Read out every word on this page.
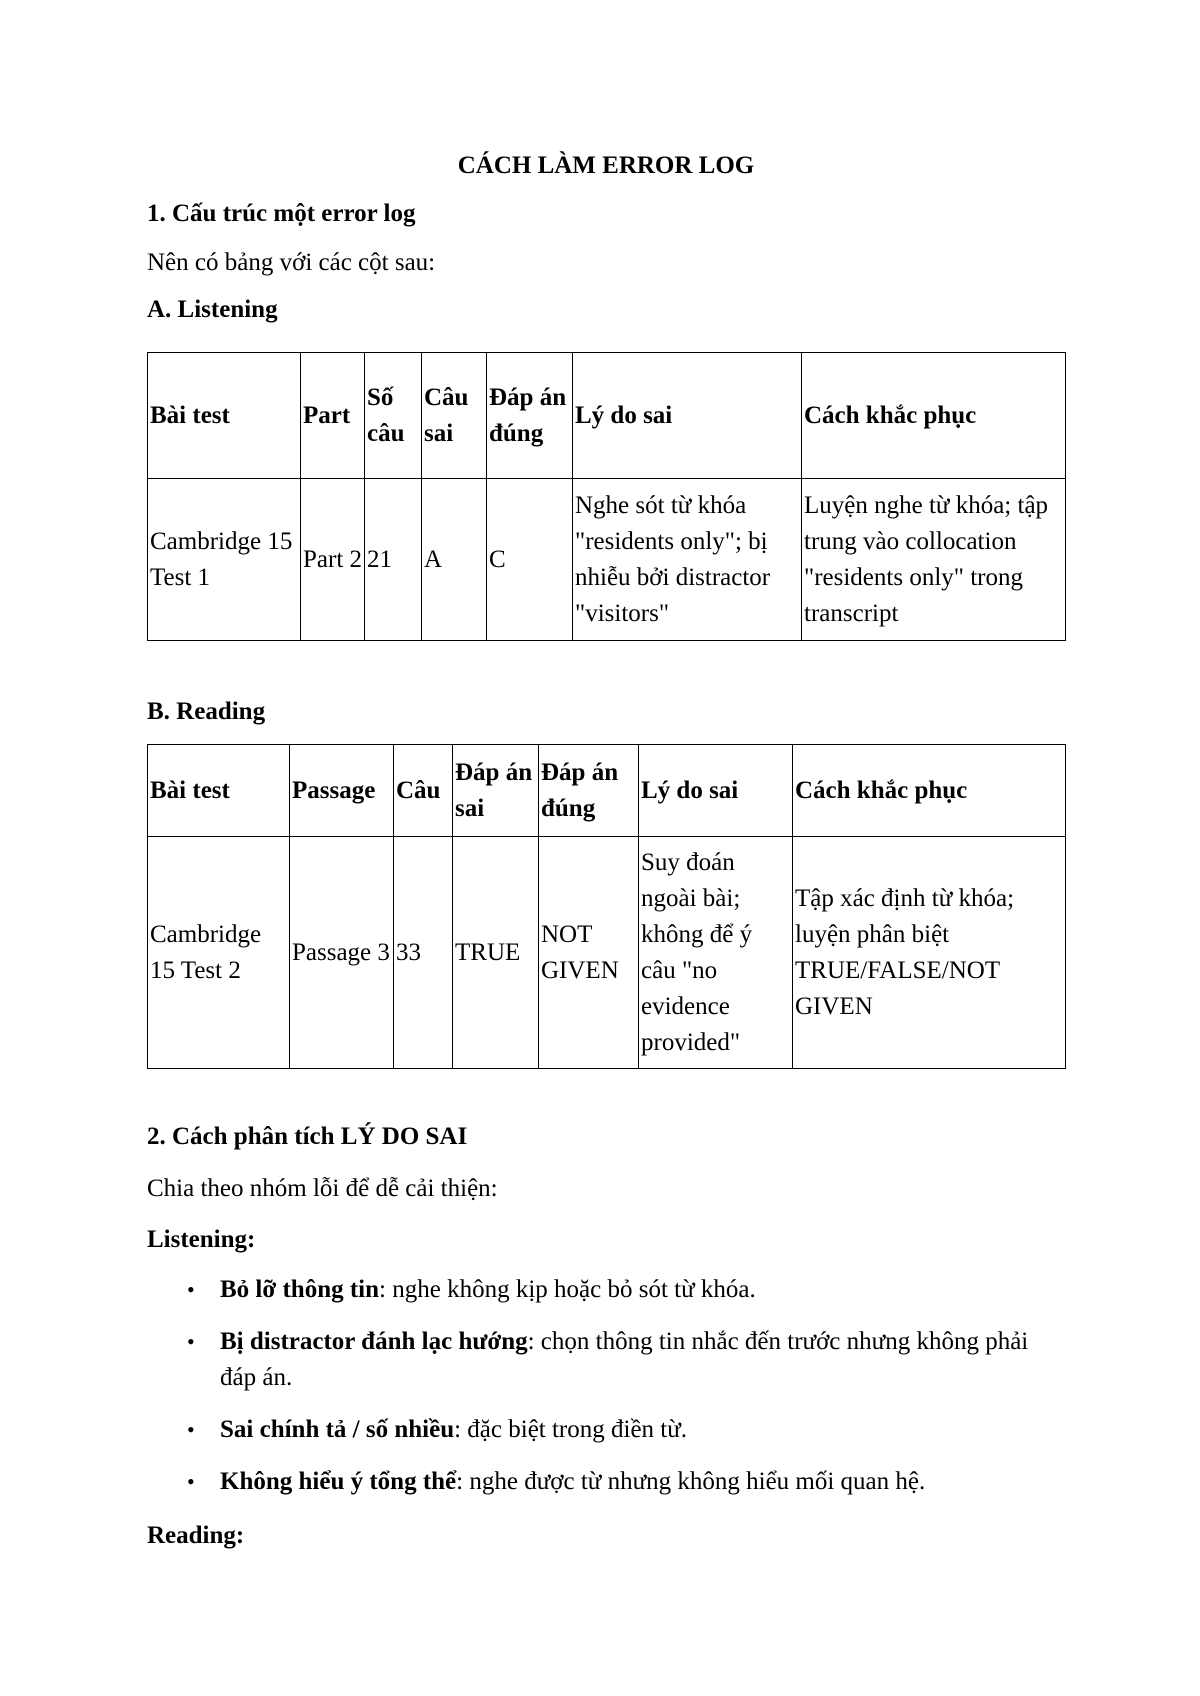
CÁCH LÀM ERROR LOG

1. Cấu trúc một error log

Nên có bảng với các cột sau:

A. Listening

Bài test	Part	Số câu	Câu sai	Đáp án đúng	Lý do sai	Cách khắc phục
Cambridge 15 Test 1	Part 2	21	A	C	Nghe sót từ khóa "residents only"; bị nhiễu bởi distractor "visitors"	Luyện nghe từ khóa; tập trung vào collocation "residents only" trong transcript

B. Reading

Bài test	Passage	Câu	Đáp án sai	Đáp án đúng	Lý do sai	Cách khắc phục
Cambridge 15 Test 2	Passage 3	33	TRUE	NOT GIVEN	Suy đoán ngoài bài; không để ý câu "no evidence provided"	Tập xác định từ khóa; luyện phân biệt TRUE/FALSE/NOT GIVEN

2. Cách phân tích LÝ DO SAI

Chia theo nhóm lỗi để dễ cải thiện:

Listening:

• Bỏ lỡ thông tin: nghe không kịp hoặc bỏ sót từ khóa.
• Bị distractor đánh lạc hướng: chọn thông tin nhắc đến trước nhưng không phải đáp án.
• Sai chính tả / số nhiều: đặc biệt trong điền từ.
• Không hiểu ý tổng thể: nghe được từ nhưng không hiểu mối quan hệ.

Reading:
